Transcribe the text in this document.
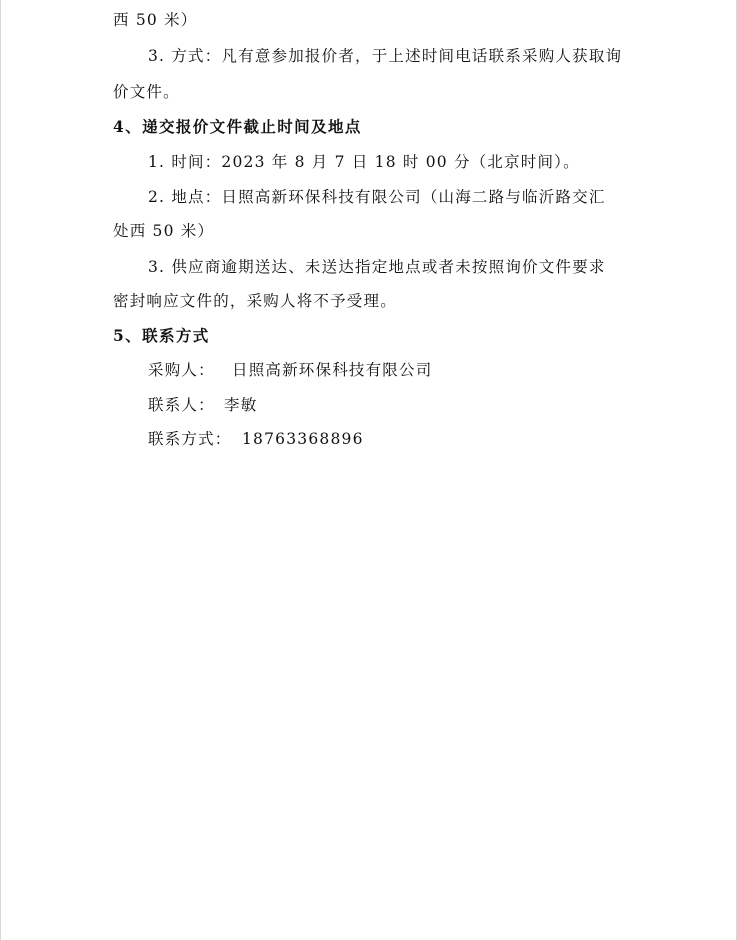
西 50 米）
3. 方式：凡有意参加报价者，于上述时间电话联系采购人获取询
价文件。
4、递交报价文件截止时间及地点
1. 时间：2023 年 8 月 7 日 18 时 00 分（北京时间）。
2. 地点：日照高新环保科技有限公司（山海二路与临沂路交汇
处西 50 米）
3. 供应商逾期送达、未送达指定地点或者未按照询价文件要求
密封响应文件的，采购人将不予受理。
5、联系方式
采购人： 日照高新环保科技有限公司
联系人： 李敏
联系方式： 18763368896
